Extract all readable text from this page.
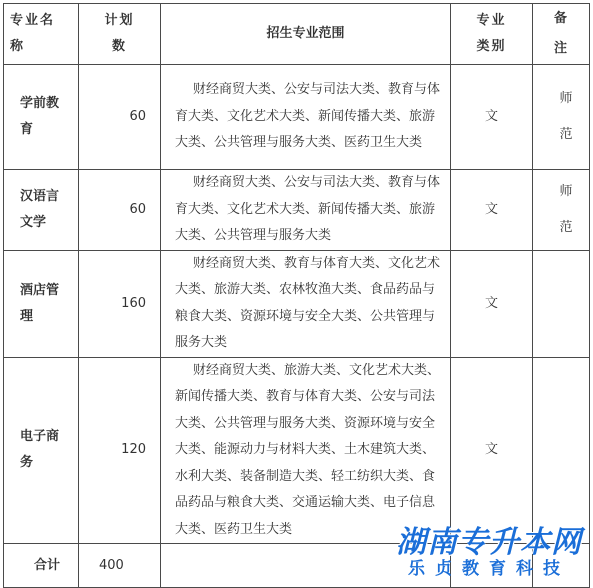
专业名称	计划数	招生专业范围	专业类别	备注
学前教育	60	财经商贸大类、公安与司法大类、教育与体育大类、文化艺术大类、新闻传播大类、旅游大类、公共管理与服务大类、医药卫生大类	文	师范
汉语言文学	60	财经商贸大类、公安与司法大类、教育与体育大类、文化艺术大类、新闻传播大类、旅游大类、公共管理与服务大类	文	师范
酒店管理	160	财经商贸大类、教育与体育大类、文化艺术大类、旅游大类、农林牧渔大类、食品药品与粮食大类、资源环境与安全大类、公共管理与服务大类	文	
电子商务	120	财经商贸大类、旅游大类、文化艺术大类、新闻传播大类、教育与体育大类、公安与司法大类、公共管理与服务大类、资源环境与安全大类、能源动力与材料大类、土木建筑大类、水利大类、装备制造大类、轻工纺织大类、食品药品与粮食大类、交通运输大类、电子信息大类、医药卫生大类	文	
合计	400			
湖南专升本网
乐贞教育科技
